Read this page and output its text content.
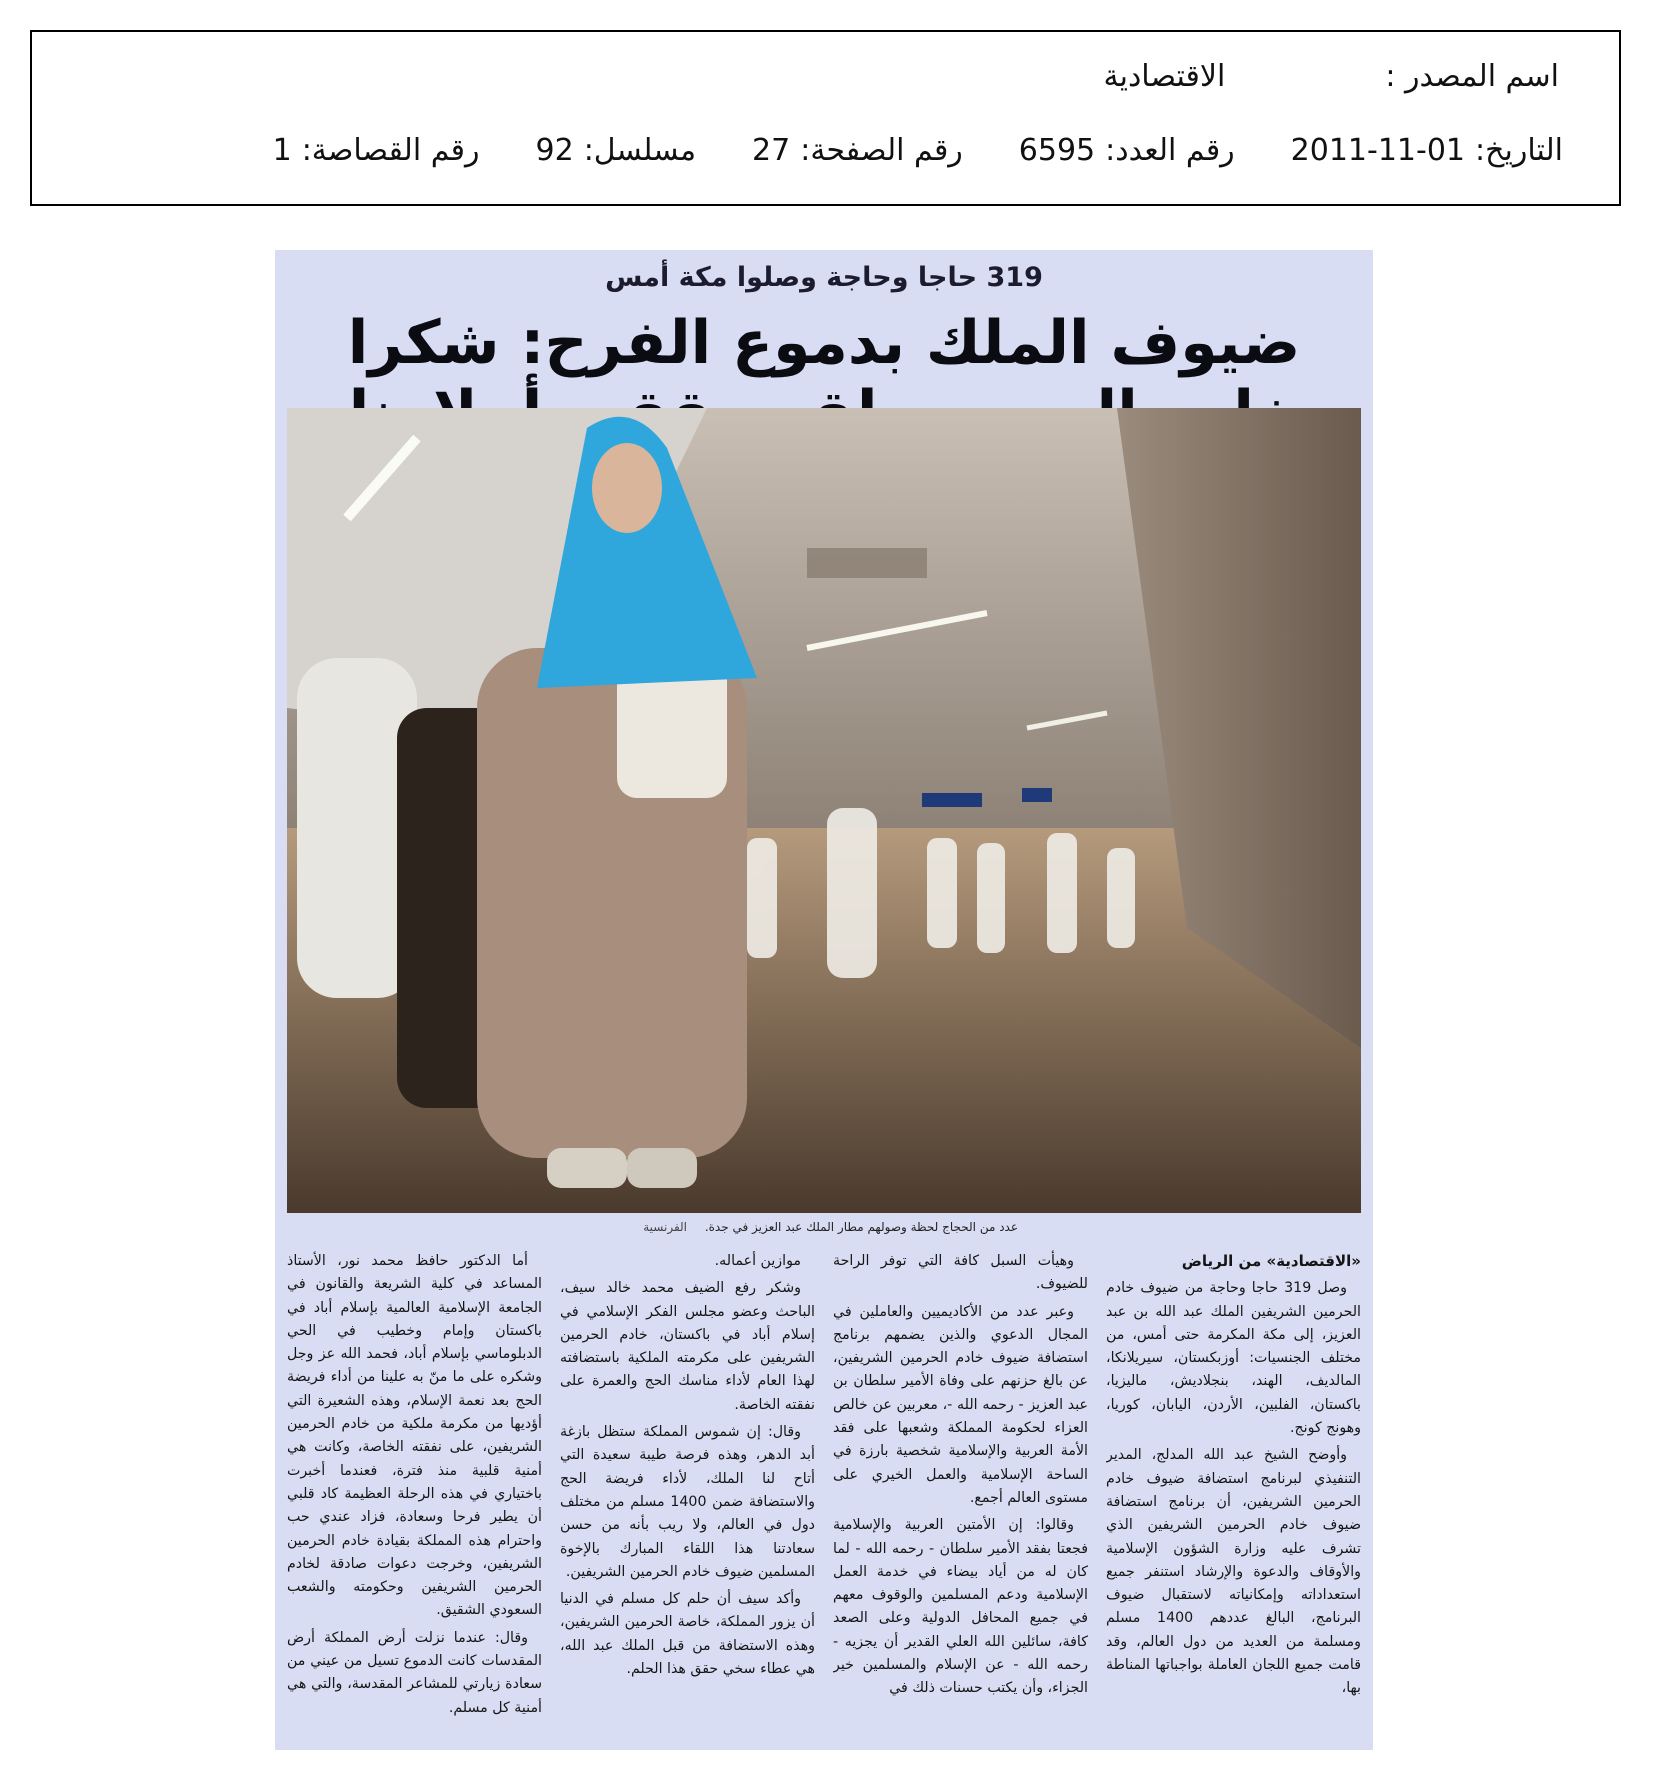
اسم المصدر :
الاقتصادية
التاريخ:2011-11-01
رقم العدد:6595
رقم الصفحة:27
مسلسل:92
رقم القصاصة:1
319 حاجا وحاجة وصلوا مكة أمس
ضيوف الملك بدموع الفرح: شكرا
عدد من الحجاج لحظة وصولهم مطار الملك عبد العزيز في جدة. الفرنسية

«الاقتصادية» من الرياض

وصل 319 حاجا وحاجة من ضيوف خادم الحرمين الشريفين الملك عبد الله بن عبد العزيز، إلى مكة المكرمة حتى أمس، من مختلف الجنسيات: أوزبكستان، سيريلانكا، المالديف، الهند، بنجلاديش، ماليزيا، باكستان، الفلبين، الأردن، اليابان، كوريا، وهونج كونج.

وأوضح الشيخ عبد الله المدلج، المدير التنفيذي لبرنامج استضافة ضيوف خادم الحرمين الشريفين، أن برنامج استضافة ضيوف خادم الحرمين الشريفين الذي تشرف عليه وزارة الشؤون الإسلامية والأوقاف والدعوة والإرشاد استنفر جميع استعداداته وإمكانياته لاستقبال ضيوف البرنامج، البالغ عددهم 1400 مسلم ومسلمة من العديد من دول العالم، وقد قامت جميع اللجان العاملة بواجباتها المناطة بها،

وهيأت السبل كافة التي توفر الراحة للضيوف.

وعبر عدد من الأكاديميين والعاملين في المجال الدعوي والذين يضمهم برنامج استضافة ضيوف خادم الحرمين الشريفين، عن بالغ حزنهم على وفاة الأمير سلطان بن عبد العزيز - رحمه الله -، معربين عن خالص العزاء لحكومة المملكة وشعبها على فقد الأمة العربية والإسلامية شخصية بارزة في الساحة الإسلامية والعمل الخيري على مستوى العالم أجمع.

وقالوا: إن الأمتين العربية والإسلامية فجعتا بفقد الأمير سلطان - رحمه الله - لما كان له من أياد بيضاء في خدمة العمل الإسلامية ودعم المسلمين والوقوف معهم في جميع المحافل الدولية وعلى الصعد كافة، سائلين الله العلي القدير أن يجزيه - رحمه الله - عن الإسلام والمسلمين خير الجزاء، وأن يكتب حسنات ذلك في

موازين أعماله.

وشكر رفع الضيف محمد خالد سيف، الباحث وعضو مجلس الفكر الإسلامي في إسلام أباد في باكستان، خادم الحرمين الشريفين على مكرمته الملكية باستضافته لهذا العام لأداء مناسك الحج والعمرة على نفقته الخاصة.

وقال: إن شموس المملكة ستظل بازغة أبد الدهر، وهذه فرصة طيبة سعيدة التي أتاح لنا الملك، لأداء فريضة الحج والاستضافة ضمن 1400 مسلم من مختلف دول في العالم، ولا ريب بأنه من حسن سعادتنا هذا اللقاء المبارك بالإخوة المسلمين ضيوف خادم الحرمين الشريفين.

وأكد سيف أن حلم كل مسلم في الدنيا أن يزور المملكة، خاصة الحرمين الشريفين، وهذه الاستضافة من قبل الملك عبد الله، هي عطاء سخي حقق هذا الحلم.

أما الدكتور حافظ محمد نور، الأستاذ المساعد في كلية الشريعة والقانون في الجامعة الإسلامية العالمية بإسلام أباد في باكستان وإمام وخطيب في الحي الدبلوماسي بإسلام أباد، فحمد الله عز وجل وشكره على ما منّ به علينا من أداء فريضة الحج بعد نعمة الإسلام، وهذه الشعيرة التي أؤديها من مكرمة ملكية من خادم الحرمين الشريفين، على نفقته الخاصة، وكانت هي أمنية قلبية منذ فترة، فعندما أخبرت باختياري في هذه الرحلة العظيمة كاد قلبي أن يطير فرحا وسعادة، فزاد عندي حب واحترام هذه المملكة بقيادة خادم الحرمين الشريفين، وخرجت دعوات صادقة لخادم الحرمين الشريفين وحكومته والشعب السعودي الشقيق.

وقال: عندما نزلت أرض المملكة أرض المقدسات كانت الدموع تسيل من عيني من سعادة زيارتي للمشاعر المقدسة، والتي هي أمنية كل مسلم.
